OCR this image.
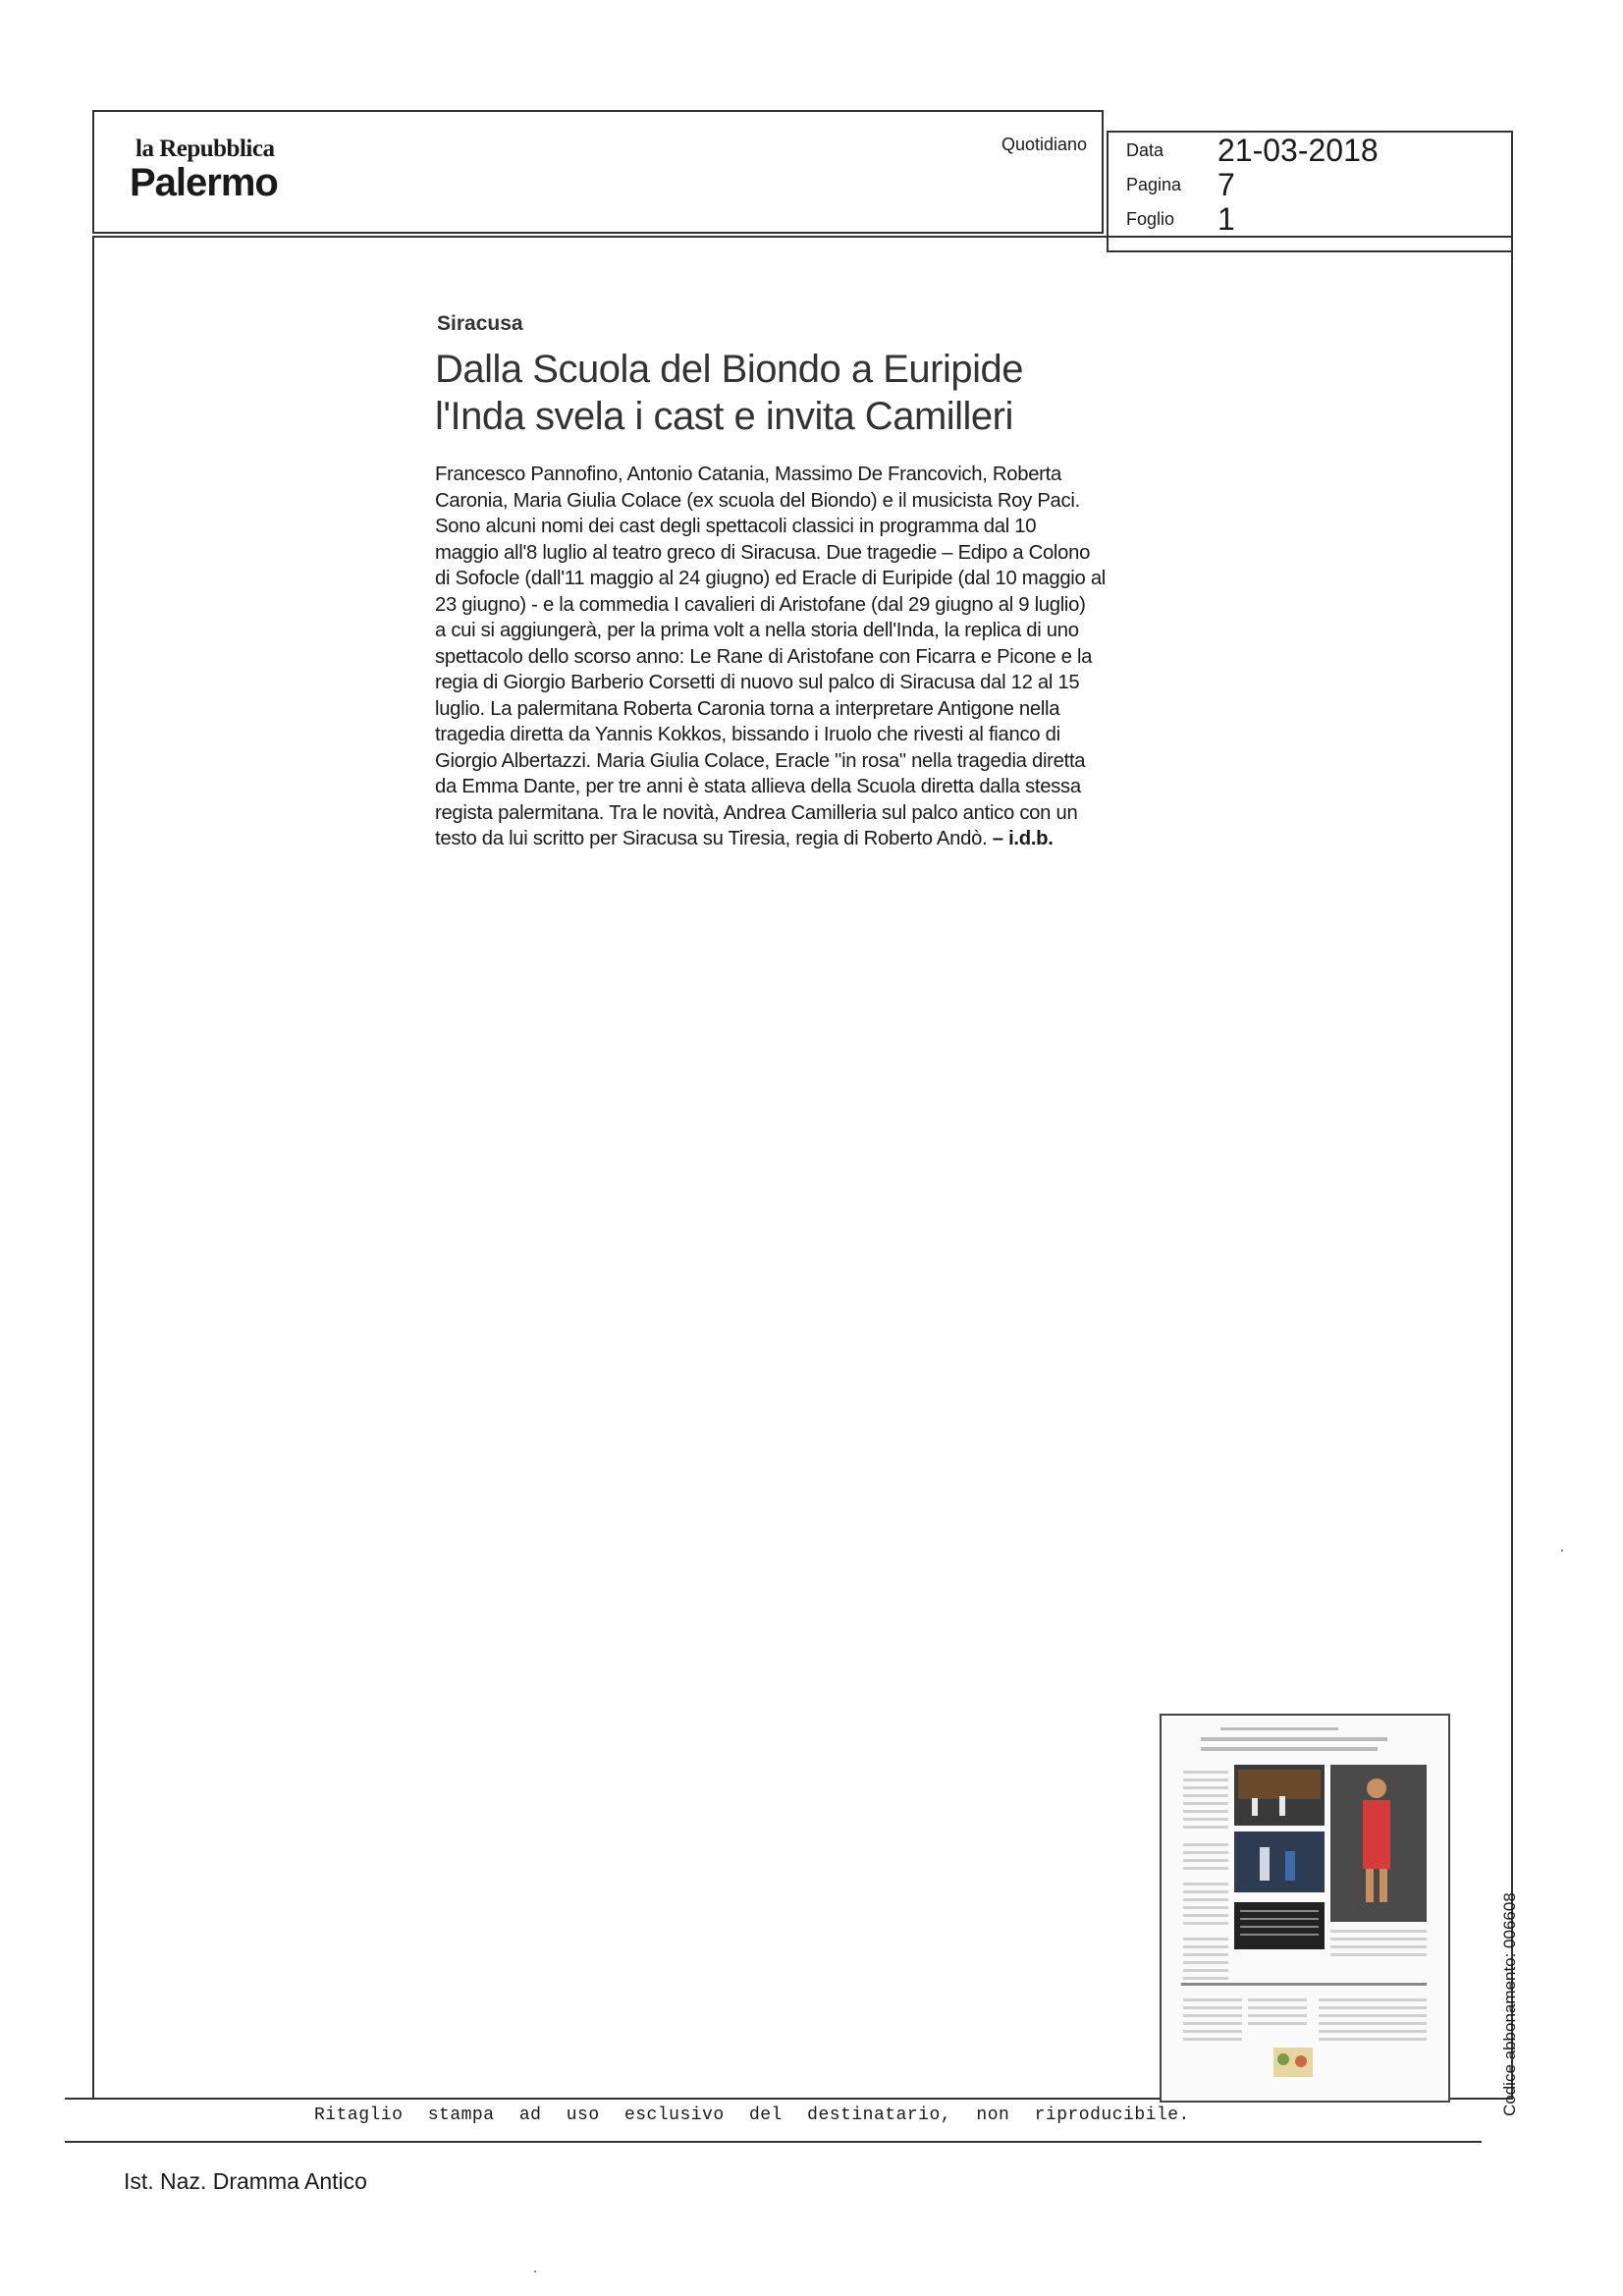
la Repubblica
Palermo
Quotidiano Data 21-03-2018
Pagina 7
Foglio 1
Siracusa
Dalla Scuola del Biondo a Euripide
l'Inda svela i cast e invita Camilleri
Francesco Pannofino, Antonio Catania, Massimo De Francovich, Roberta
Caronia, Maria Giulia Colace (ex scuola del Biondo) e il musicista Roy Paci.
Sono alcuni nomi dei cast degli spettacoli classici in programma dal 10
maggio all'8 luglio al teatro greco di Siracusa. Due tragedie – Edipo a Colono
di Sofocle (dall'11 maggio al 24 giugno) ed Eracle di Euripide (dal 10 maggio al
23 giugno) - e la commedia I cavalieri di Aristofane (dal 29 giugno al 9 luglio)
a cui si aggiungerà, per la prima volt a nella storia dell'Inda, la replica di uno
spettacolo dello scorso anno: Le Rane di Aristofane con Ficarra e Picone e la
regia di Giorgio Barberio Corsetti di nuovo sul palco di Siracusa dal 12 al 15
luglio. La palermitana Roberta Caronia torna a interpretare Antigone nella
tragedia diretta da Yannis Kokkos, bissando i Iruolo che rivesti al fianco di
Giorgio Albertazzi. Maria Giulia Colace, Eracle "in rosa" nella tragedia diretta
da Emma Dante, per tre anni è stata allieva della Scuola diretta dalla stessa
regista palermitana. Tra le novità, Andrea Camilleria sul palco antico con un
testo da lui scritto per Siracusa su Tiresia, regia di Roberto Andò. – i.d.b.
Ritaglio stampa ad uso esclusivo del destinatario, non riproducibile.	Codice abbonamento: 006608
Ist. Naz. Dramma Antico
